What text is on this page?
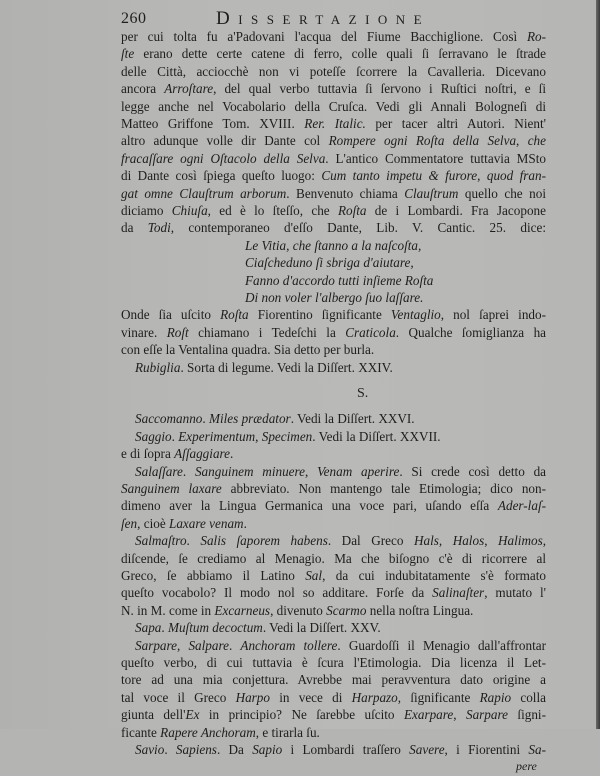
260	Dissertazione
per cui tolta fu a'Padovani l'acqua del Fiume Bacchiglione. Così Ro-
ſte erano dette certe catene di ferro, colle quali ſi ſerravano le ſtrade
delle Città, acciocchè non vi poteſſe ſcorrere la Cavalleria. Dicevano
ancora Arroſtare, del qual verbo tuttavia ſi ſervono i Ruſtici noſtri, e ſi
legge anche nel Vocabolario della Cruſca. Vedi gli Annali Bologneſi di
Matteo Griffone Tom. XVIII. Rer. Italic. per tacer altri Autori. Nient'
altro adunque volle dir Dante col Rompere ogni Roſta della Selva, che
fracaſſare ogni Oſtacolo della Selva. L'antico Commentatore tuttavia MSto
di Dante così ſpiega queſto luogo: Cum tanto impetu & furore, quod fran-
gat omne Clauſtrum arborum. Benvenuto chiama Clauſtrum quello che noi
diciamo Chiuſa, ed è lo ſteſſo, che Roſta de i Lombardi. Fra Jacopone
da Todi, contemporaneo d'eſſo Dante, Lib. V. Cantic. 25. dice:
Le Vitia, che ſtanno a la naſcoſta,
Ciaſcheduno ſi sbriga d'aiutare,
Fanno d'accordo tutti inſieme Roſta
Di non voler l'albergo ſuo laſſare.
Onde ſia uſcito Roſta Fiorentino ſignificante Ventaglio, nol ſaprei indo-
vinare. Roſt chiamano i Tedeſchi la Craticola. Qualche ſomiglianza ha
con eſſe la Ventalina quadra. Sia detto per burla.
Rubiglia. Sorta di legume. Vedi la Diſſert. XXIV.
S.
Saccomanno. Miles prædator. Vedi la Diſſert. XXVI.
Saggio. Experimentum, Specimen. Vedi la Diſſert. XXVII.
e di ſopra Aſſaggiare.
Salaſſare. Sanguinem minuere, Venam aperire. Si crede così detto da
Sanguinem laxare abbreviato. Non mantengo tale Etimologia; dico non-
dimeno aver la Lingua Germanica una voce pari, uſando eſſa Ader-laſ-
ſen, cioè Laxare venam.
Salmaſtro. Salis ſaporem habens. Dal Greco Hals, Halos, Halimos,
diſcende, ſe crediamo al Menagio. Ma che biſogno c'è di ricorrere al
Greco, ſe abbiamo il Latino Sal, da cui indubitatamente s'è formato
queſto vocabolo? Il modo nol so additare. Forſe da Salinaſter, mutato l'
N. in M. come in Excarneus, divenuto Scarmo nella noſtra Lingua.
Sapa. Muſtum decoctum. Vedi la Diſſert. XXV.
Sarpare, Salpare. Anchoram tollere. Guardoſſi il Menagio dall'affrontar
queſto verbo, di cui tuttavia è ſcura l'Etimologia. Dia licenza il Let-
tore ad una mia conjettura. Avrebbe mai peravventura dato origine a
tal voce il Greco Harpo in vece di Harpazo, ſignificante Rapio colla
giunta dell'Ex in principio? Ne ſarebbe uſcito Exarpare, Sarpare ſigni-
ficante Rapere Anchoram, e tirarla ſu.
Savio. Sapiens. Da Sapio i Lombardi traſſero Savere, i Fiorentini Sa-
pere
